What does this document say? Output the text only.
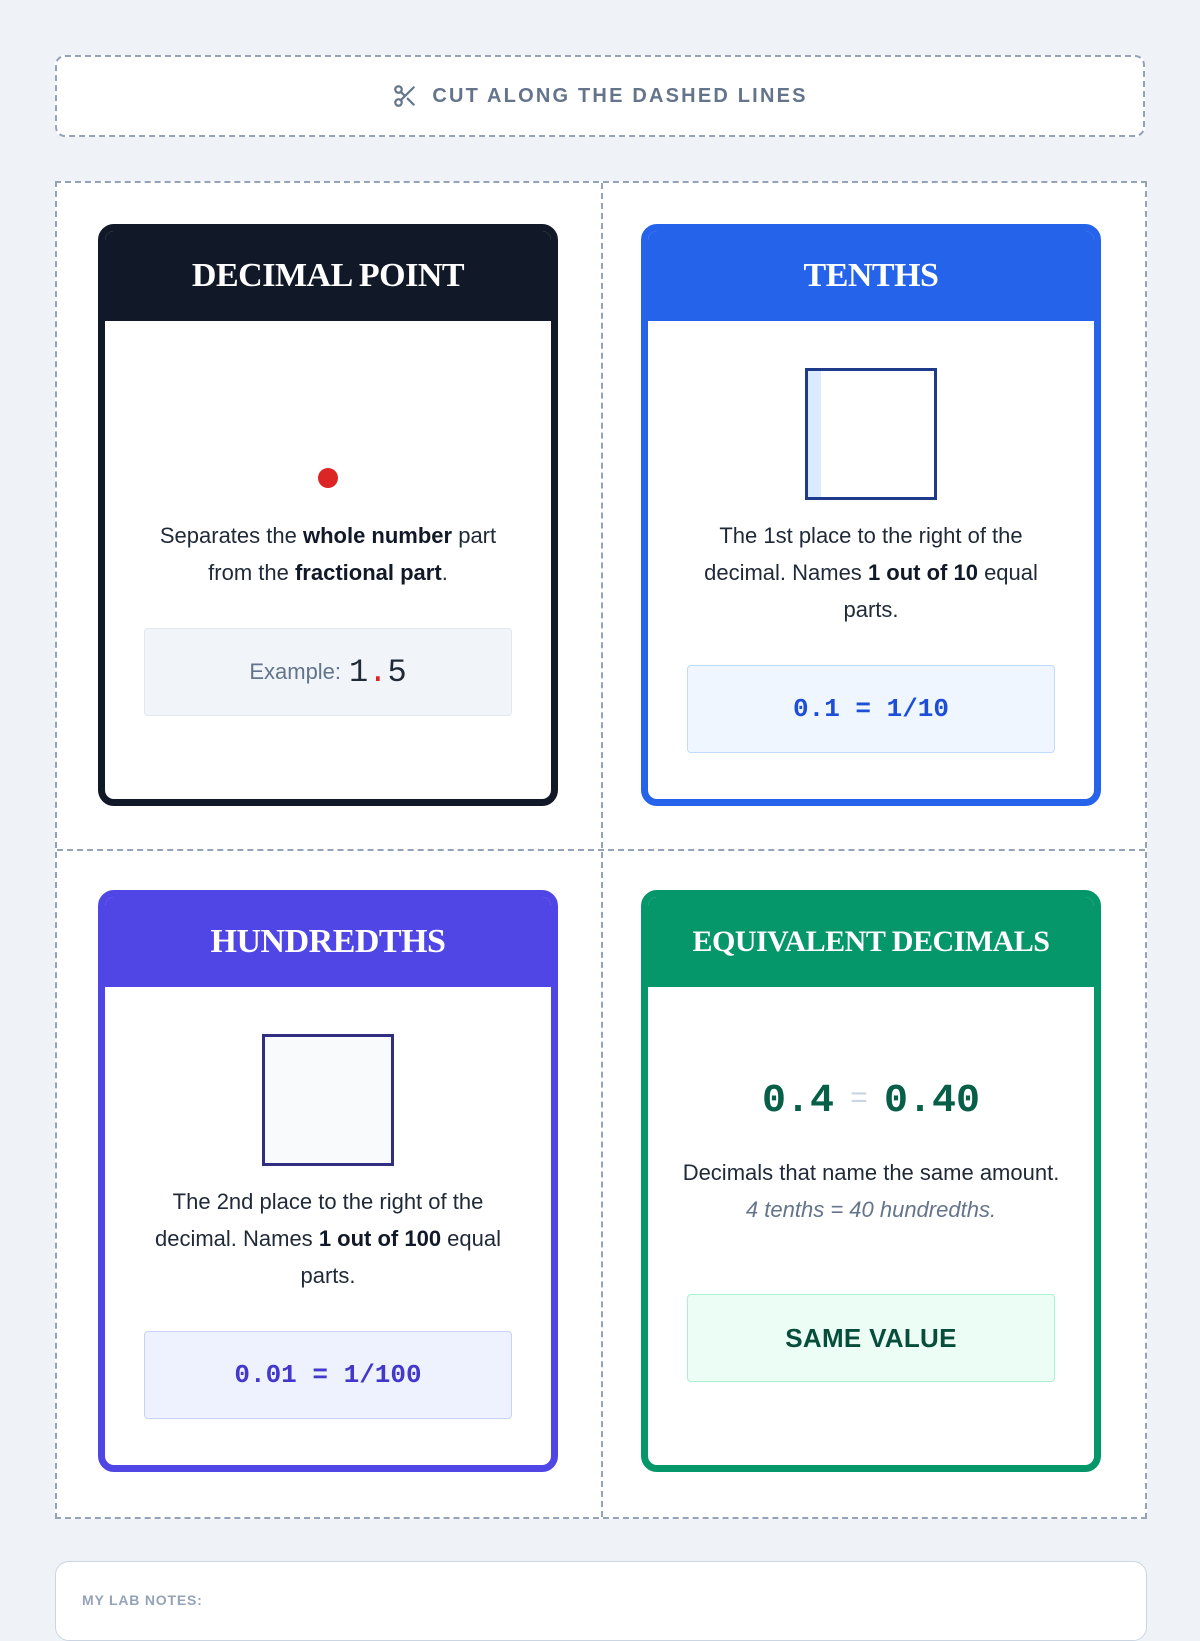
CUT ALONG THE DASHED LINES
DECIMAL POINT
Separates the whole number part from the fractional part.
Example: 1.5
TENTHS
The 1st place to the right of the decimal. Names 1 out of 10 equal parts.
0.1 = 1/10
HUNDREDTHS
The 2nd place to the right of the decimal. Names 1 out of 100 equal parts.
0.01 = 1/100
EQUIVALENT DECIMALS
0.4 = 0.40
Decimals that name the same amount. 4 tenths = 40 hundredths.
SAME VALUE
MY LAB NOTES:
